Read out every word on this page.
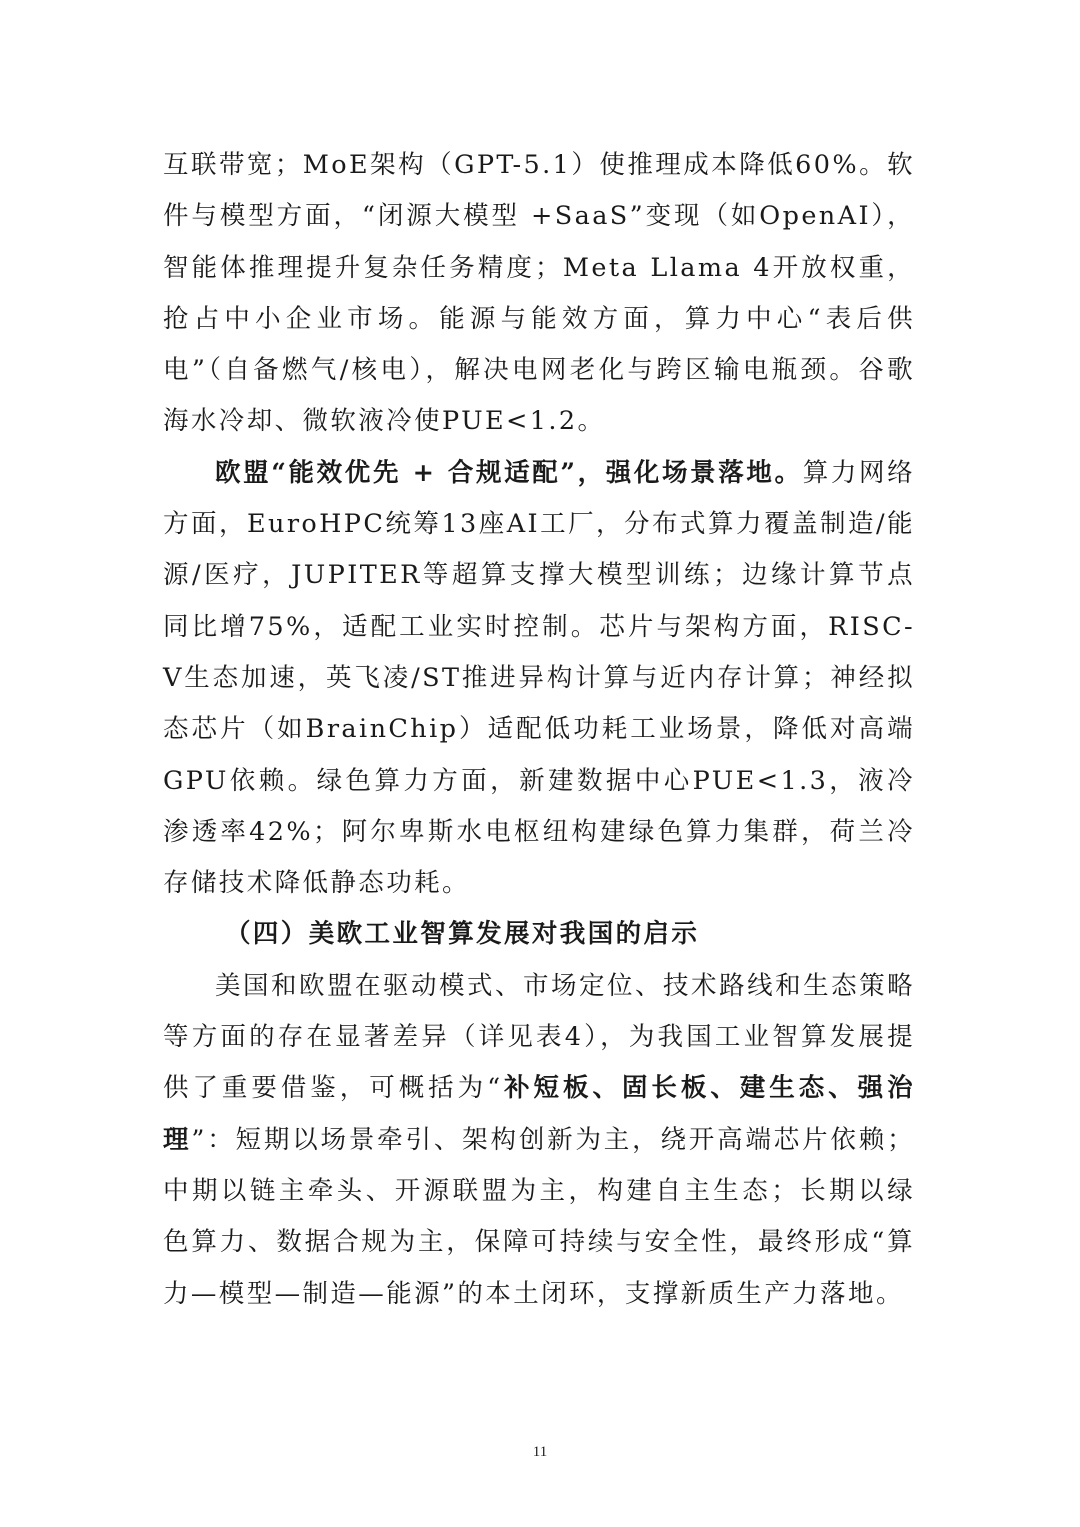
互联带宽；MoE架构（GPT-5.1）使推理成本降低60%。软件与模型方面，“闭源大模型 +SaaS”变现（如OpenAI），智能体推理提升复杂任务精度；Meta Llama 4开放权重，抢占中小企业市场。能源与能效方面，算力中心“表后供电”（自备燃气/核电），解决电网老化与跨区输电瓶颈。谷歌海水冷却、微软液冷使PUE<1.2。

欧盟“能效优先 + 合规适配”，强化场景落地。算力网络方面，EuroHPC统筹13座AI工厂，分布式算力覆盖制造/能源/医疗，JUPITER等超算支撑大模型训练；边缘计算节点同比增75%，适配工业实时控制。芯片与架构方面，RISC-V生态加速，英飞凌/ST推进异构计算与近内存计算；神经拟态芯片（如BrainChip）适配低功耗工业场景，降低对高端GPU依赖。绿色算力方面，新建数据中心PUE<1.3，液冷渗透率42%；阿尔卑斯水电枢纽构建绿色算力集群，荷兰冷存储技术降低静态功耗。

（四）美欧工业智算发展对我国的启示

美国和欧盟在驱动模式、市场定位、技术路线和生态策略等方面的存在显著差异（详见表4），为我国工业智算发展提供了重要借鉴，可概括为“补短板、固长板、建生态、强治理”：短期以场景牵引、架构创新为主，绕开高端芯片依赖；中期以链主牵头、开源联盟为主，构建自主生态；长期以绿色算力、数据合规为主，保障可持续与安全性，最终形成“算力—模型—制造—能源”的本土闭环，支撑新质生产力落地。

11
